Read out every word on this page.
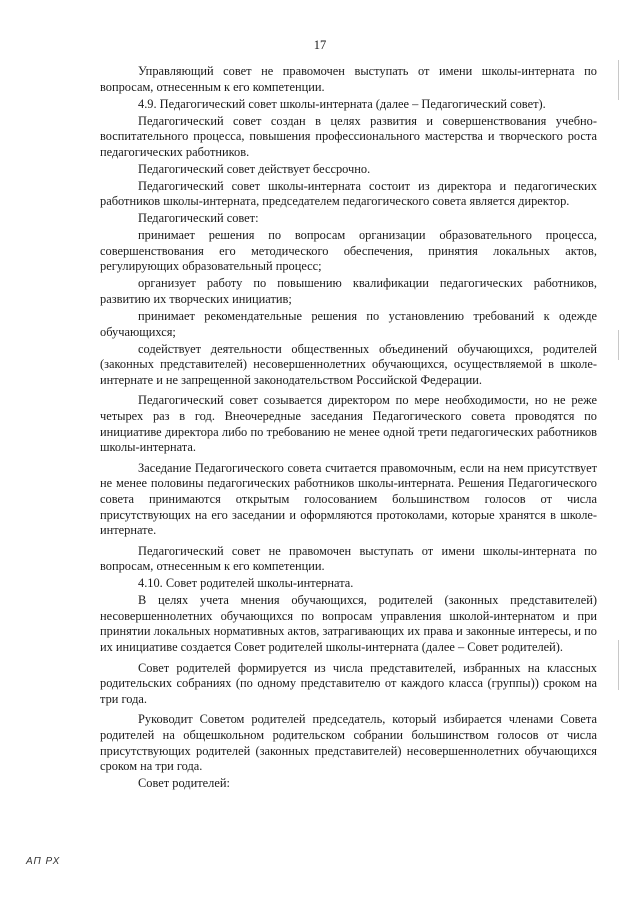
17

Управляющий совет не правомочен выступать от имени школы-интерната по вопросам, отнесенным к его компетенции.

4.9. Педагогический совет школы-интерната (далее – Педагогический совет).

Педагогический совет создан в целях развития и совершенствования учебно-воспитательного процесса, повышения профессионального мастерства и творческого роста педагогических работников.

Педагогический совет действует бессрочно.

Педагогический совет школы-интерната состоит из директора и педагогических работников школы-интерната, председателем педагогического совета является директор.

Педагогический совет:

принимает решения по вопросам организации образовательного процесса, совершенствования его методического обеспечения, принятия локальных актов, регулирующих образовательный процесс;

организует работу по повышению квалификации педагогических работников, развитию их творческих инициатив;

принимает рекомендательные решения по установлению требований к одежде обучающихся;

содействует деятельности общественных объединений обучающихся, родителей (законных представителей) несовершеннолетних обучающихся, осуществляемой в школе-интернате и не запрещенной законодательством Российской Федерации.

Педагогический совет созывается директором по мере необходимости, но не реже четырех раз в год. Внеочередные заседания Педагогического совета проводятся по инициативе директора либо по требованию не менее одной трети педагогических работников школы-интерната.

Заседание Педагогического совета считается правомочным, если на нем присутствует не менее половины педагогических работников школы-интерната. Решения Педагогического совета принимаются открытым голосованием большинством голосов от числа присутствующих на его заседании и оформляются протоколами, которые хранятся в школе-интернате.

Педагогический совет не правомочен выступать от имени школы-интерната по вопросам, отнесенным к его компетенции.

4.10. Совет родителей школы-интерната.

В целях учета мнения обучающихся, родителей (законных представителей) несовершеннолетних обучающихся по вопросам управления школой-интернатом и при принятии локальных нормативных актов, затрагивающих их права и законные интересы, и по их инициативе создается Совет родителей школы-интерната (далее – Совет родителей).

Совет родителей формируется из числа представителей, избранных на классных родительских собраниях (по одному представителю от каждого класса (группы)) сроком на три года.

Руководит Советом родителей председатель, который избирается членами Совета родителей на общешкольном родительском собрании большинством голосов от числа присутствующих родителей (законных представителей) несовершеннолетних обучающихся сроком на три года.

Совет родителей:

АП РХ
